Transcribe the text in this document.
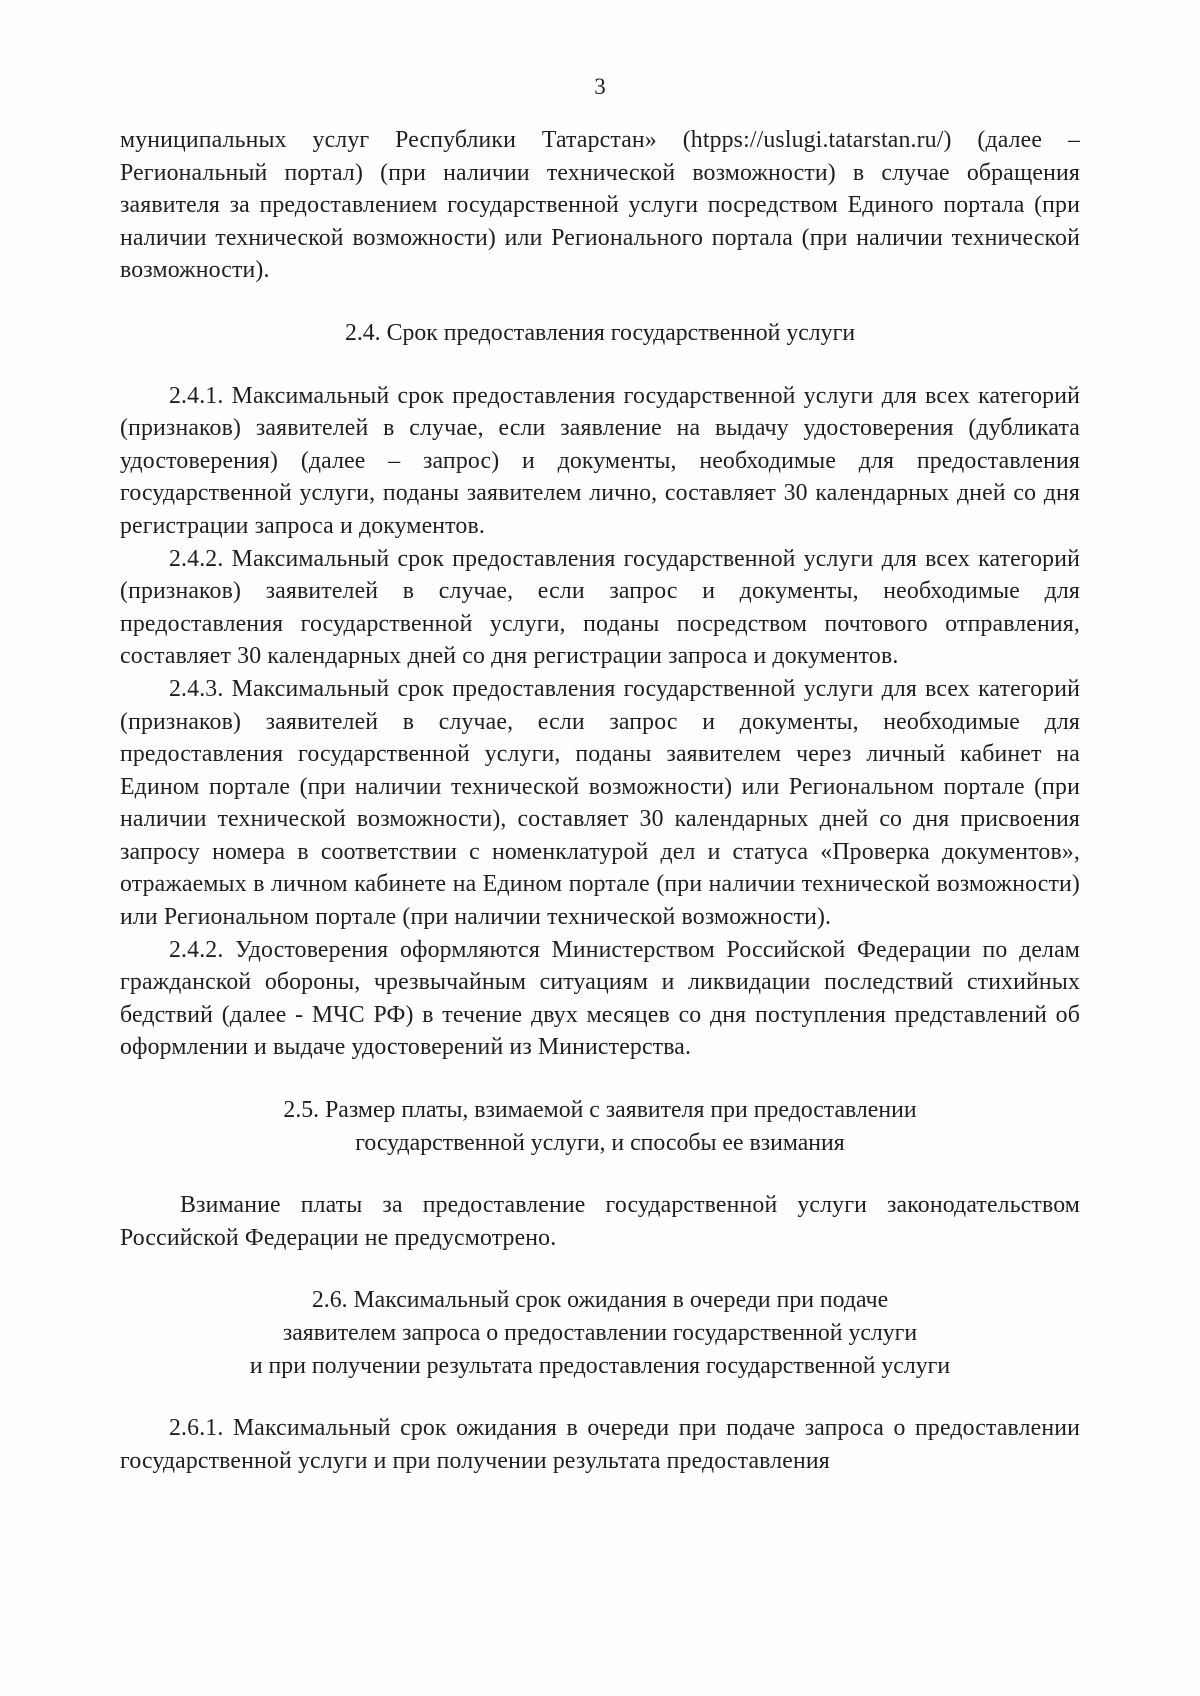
3

муниципальных услуг Республики Татарстан» (htpps://uslugi.tatarstan.ru/) (далее – Региональный портал) (при наличии технической возможности) в случае обращения заявителя за предоставлением государственной услуги посредством Единого портала (при наличии технической возможности) или Регионального портала (при наличии технической возможности).

2.4. Срок предоставления государственной услуги

2.4.1. Максимальный срок предоставления государственной услуги для всех категорий (признаков) заявителей в случае, если заявление на выдачу удостоверения (дубликата удостоверения) (далее – запрос) и документы, необходимые для предоставления государственной услуги, поданы заявителем лично, составляет 30 календарных дней со дня регистрации запроса и документов.

2.4.2. Максимальный срок предоставления государственной услуги для всех категорий (признаков) заявителей в случае, если запрос и документы, необходимые для предоставления государственной услуги, поданы посредством почтового отправления, составляет 30 календарных дней со дня регистрации запроса и документов.

2.4.3. Максимальный срок предоставления государственной услуги для всех категорий (признаков) заявителей в случае, если запрос и документы, необходимые для предоставления государственной услуги, поданы заявителем через личный кабинет на Едином портале (при наличии технической возможности) или Региональном портале (при наличии технической возможности), составляет 30 календарных дней со дня присвоения запросу номера в соответствии с номенклатурой дел и статуса «Проверка документов», отражаемых в личном кабинете на Едином портале (при наличии технической возможности) или Региональном портале (при наличии технической возможности).

2.4.2. Удостоверения оформляются Министерством Российской Федерации по делам гражданской обороны, чрезвычайным ситуациям и ликвидации последствий стихийных бедствий (далее - МЧС РФ) в течение двух месяцев со дня поступления представлений об оформлении и выдаче удостоверений из Министерства.

2.5. Размер платы, взимаемой с заявителя при предоставлении
государственной услуги, и способы ее взимания

Взимание платы за предоставление государственной услуги законодательством Российской Федерации не предусмотрено.

2.6. Максимальный срок ожидания в очереди при подаче
заявителем запроса о предоставлении государственной услуги
и при получении результата предоставления государственной услуги

2.6.1. Максимальный срок ожидания в очереди при подаче запроса о предоставлении государственной услуги и при получении результата предоставления
